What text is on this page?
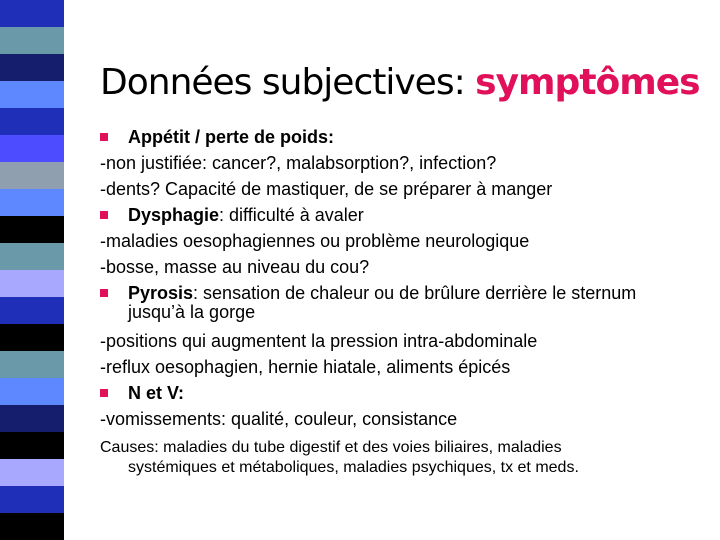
Données subjectives: symptômes
Appétit / perte de poids:
-non justifiée: cancer?, malabsorption?, infection?
-dents? Capacité de mastiquer, de se préparer à manger
Dysphagie: difficulté à avaler
-maladies oesophagiennes ou problème neurologique
-bosse, masse au niveau du cou?
Pyrosis: sensation de chaleur ou de brûlure derrière le sternum
jusqu’à la gorge
-positions qui augmentent la pression intra-abdominale
-reflux oesophagien, hernie hiatale, aliments épicés
N et V:
-vomissements: qualité, couleur, consistance
Causes: maladies du tube digestif et des voies biliaires, maladies
systémiques et métaboliques, maladies psychiques, tx et meds.
